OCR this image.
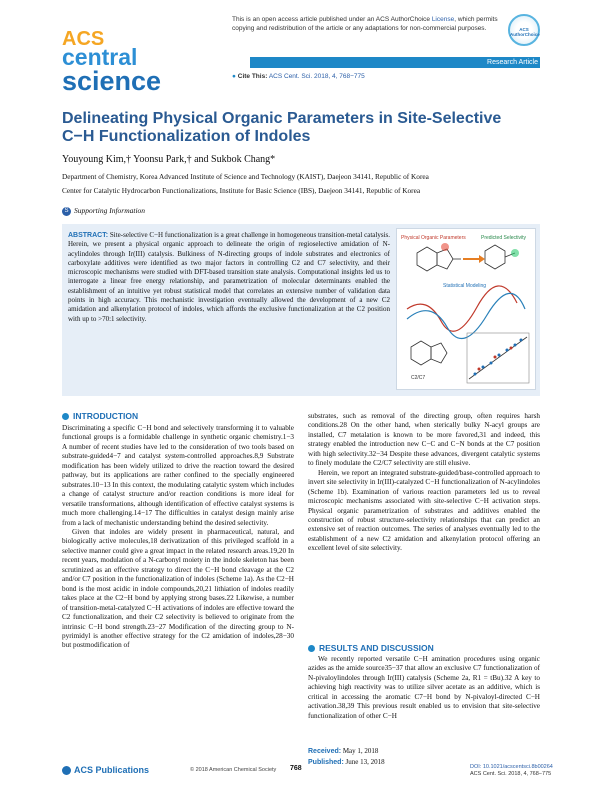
ACS
central
science
This is an open access article published under an ACS AuthorChoice License, which permits copying and redistribution of the article or any adaptations for non-commercial purposes.	ACS AuthorChoice
Research Article
● Cite This: ACS Cent. Sci. 2018, 4, 768−775
Delineating Physical Organic Parameters in Site-Selective C−H Functionalization of Indoles
Youyoung Kim,† Yoonsu Park,† and Sukbok Chang*
Department of Chemistry, Korea Advanced Institute of Science and Technology (KAIST), Daejeon 34141, Republic of Korea
Center for Catalytic Hydrocarbon Functionalizations, Institute for Basic Science (IBS), Daejeon 34141, Republic of Korea
S Supporting Information
ABSTRACT: Site-selective C−H functionalization is a great challenge in homogeneous transition-metal catalysis. Herein, we present a physical organic approach to delineate the origin of regioselective amidation of N-acylindoles through Ir(III) catalysis. Bulkiness of N-directing groups of indole substrates and electronics of carboxylate additives were identified as two major factors in controlling C2 and C7 selectivity, and their microscopic mechanisms were studied with DFT-based transition state analysis. Computational insights led us to interrogate a linear free energy relationship, and parametrization of molecular determinants enabled the establishment of an intuitive yet robust statistical model that correlates an extensive number of validation data points in high accuracy. This mechanistic investigation eventually allowed the development of a new C2 amidation and alkenylation protocol of indoles, which affords the exclusive functionalization at the C2 position with up to >70:1 selectivity.
Physical Organic Parameters	Predicted Selectivity
Statistical Modeling
C2/C7
INTRODUCTION

Discriminating a specific C−H bond and selectively transforming it to valuable functional groups is a formidable challenge in synthetic organic chemistry.1−3 A number of recent studies have led to the consideration of two tools based on substrate-guided4−7 and catalyst system-controlled approaches.8,9 Substrate modification has been widely utilized to drive the reaction toward the desired pathway, but its applications are rather confined to the specially engineered substrates.10−13 In this context, the modulating catalytic system which includes a change of catalyst structure and/or reaction conditions is more ideal for versatile transformations, although identification of effective catalyst systems is much more challenging.14−17 The difficulties in catalyst design mainly arise from a lack of mechanistic understanding behind the desired selectivity.

Given that indoles are widely present in pharmaceutical, natural, and biologically active molecules,18 derivatization of this privileged scaffold in a selective manner could give a great impact in the related research areas.19,20 In recent years, modulation of a N-carbonyl moiety in the indole skeleton has been scrutinized as an effective strategy to direct the C−H bond cleavage at the C2 and/or C7 position in the functionalization of indoles (Scheme 1a). As the C2−H bond is the most acidic in indole compounds,20,21 lithiation of indoles readily takes place at the C2−H bond by applying strong bases.22 Likewise, a number of transition-metal-catalyzed C−H activations of indoles are effective toward the C2 functionalization, and their C2 selectivity is believed to originate from the intrinsic C−H bond strength.23−27 Modification of the directing group to N-pyrimidyl is another effective strategy for the C2 amidation of indoles,28−30 but postmodification of

substrates, such as removal of the directing group, often requires harsh conditions.28 On the other hand, when sterically bulky N-acyl groups are installed, C7 metalation is known to be more favored,31 and indeed, this strategy enabled the introduction new C−C and C−N bonds at the C7 position with high selectivity.32−34 Despite these advances, divergent catalytic systems to finely modulate the C2/C7 selectivity are still elusive.

Herein, we report an integrated substrate-guided/base-controlled approach to invert site selectivity in Ir(III)-catalyzed C−H functionalization of N-acylindoles (Scheme 1b). Examination of various reaction parameters led us to reveal microscopic mechanisms associated with site-selective C−H activation steps. Physical organic parametrization of substrates and additives enabled the construction of robust structure-selectivity relationships that can predict an extensive set of reaction outcomes. The series of analyses eventually led to the establishment of a new C2 amidation and alkenylation protocol offering an excellent level of site selectivity.

RESULTS AND DISCUSSION

We recently reported versatile C−H amination procedures using organic azides as the amide source35−37 that allow an exclusive C7 functionalization of N-pivaloylindoles through Ir(III) catalysis (Scheme 2a, R1 = tBu).32 A key to achieving high reactivity was to utilize silver acetate as an additive, which is critical in accessing the aromatic C7−H bond by N-pivaloyl-directed C−H activation.38,39 This previous result enabled us to envision that site-selective functionalization of other C−H

Received: May 1, 2018
Published: June 13, 2018
ACS Publications	© 2018 American Chemical Society 768	DOI: 10.1021/acscentsci.8b00264
ACS Cent. Sci. 2018, 4, 768−775
